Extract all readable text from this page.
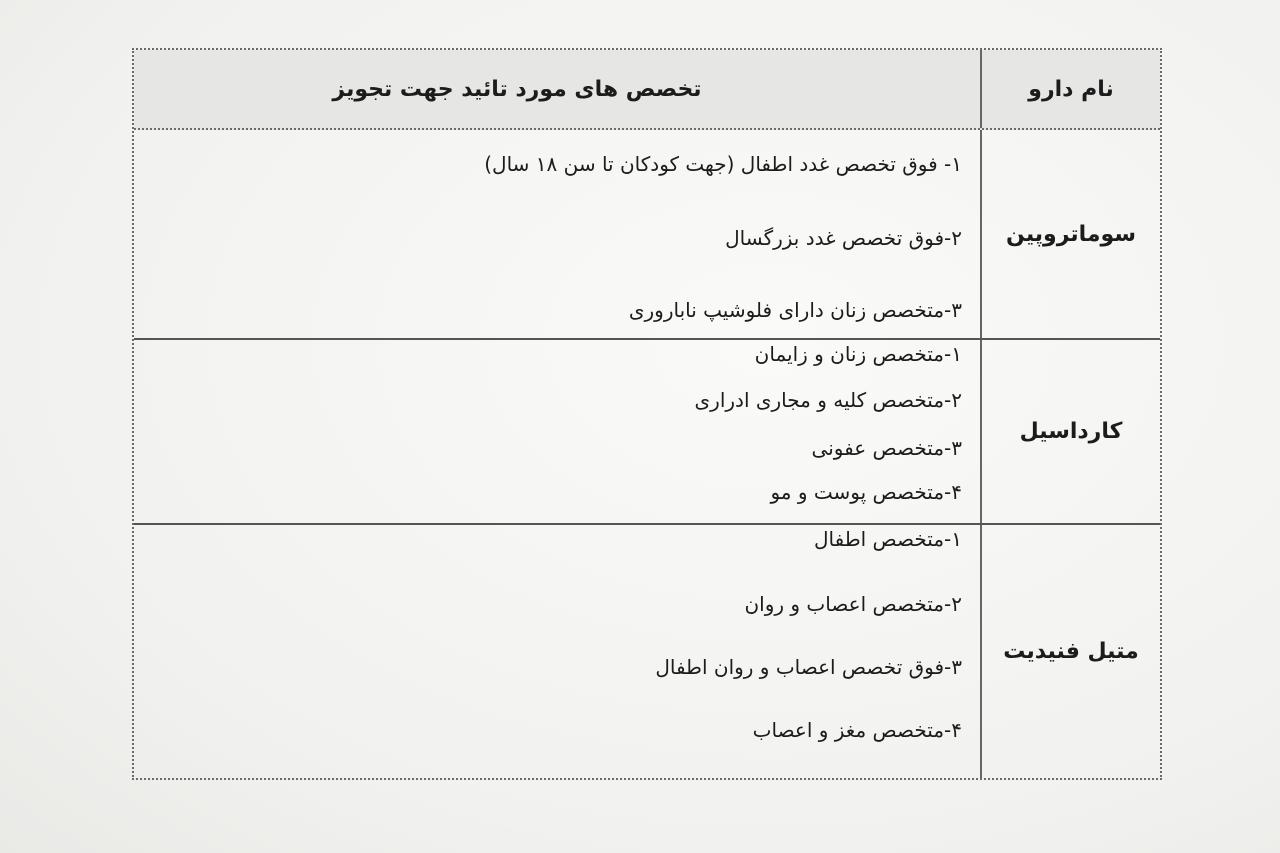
نام دارو
تخصص های مورد تائید جهت تجویز
سوماتروپین
۱- فوق تخصص غدد اطفال (جهت کودکان تا سن ۱۸ سال)
۲-فوق تخصص غدد بزرگسال
۳-متخصص زنان دارای فلوشیپ ناباروری
کارداسیل
۱-متخصص زنان و زایمان
۲-متخصص کلیه و مجاری ادراری
۳-متخصص عفونی
۴-متخصص پوست و مو
متیل فنیدیت
۱-متخصص اطفال
۲-متخصص اعصاب و روان
۳-فوق تخصص اعصاب و روان اطفال
۴-متخصص مغز و اعصاب
